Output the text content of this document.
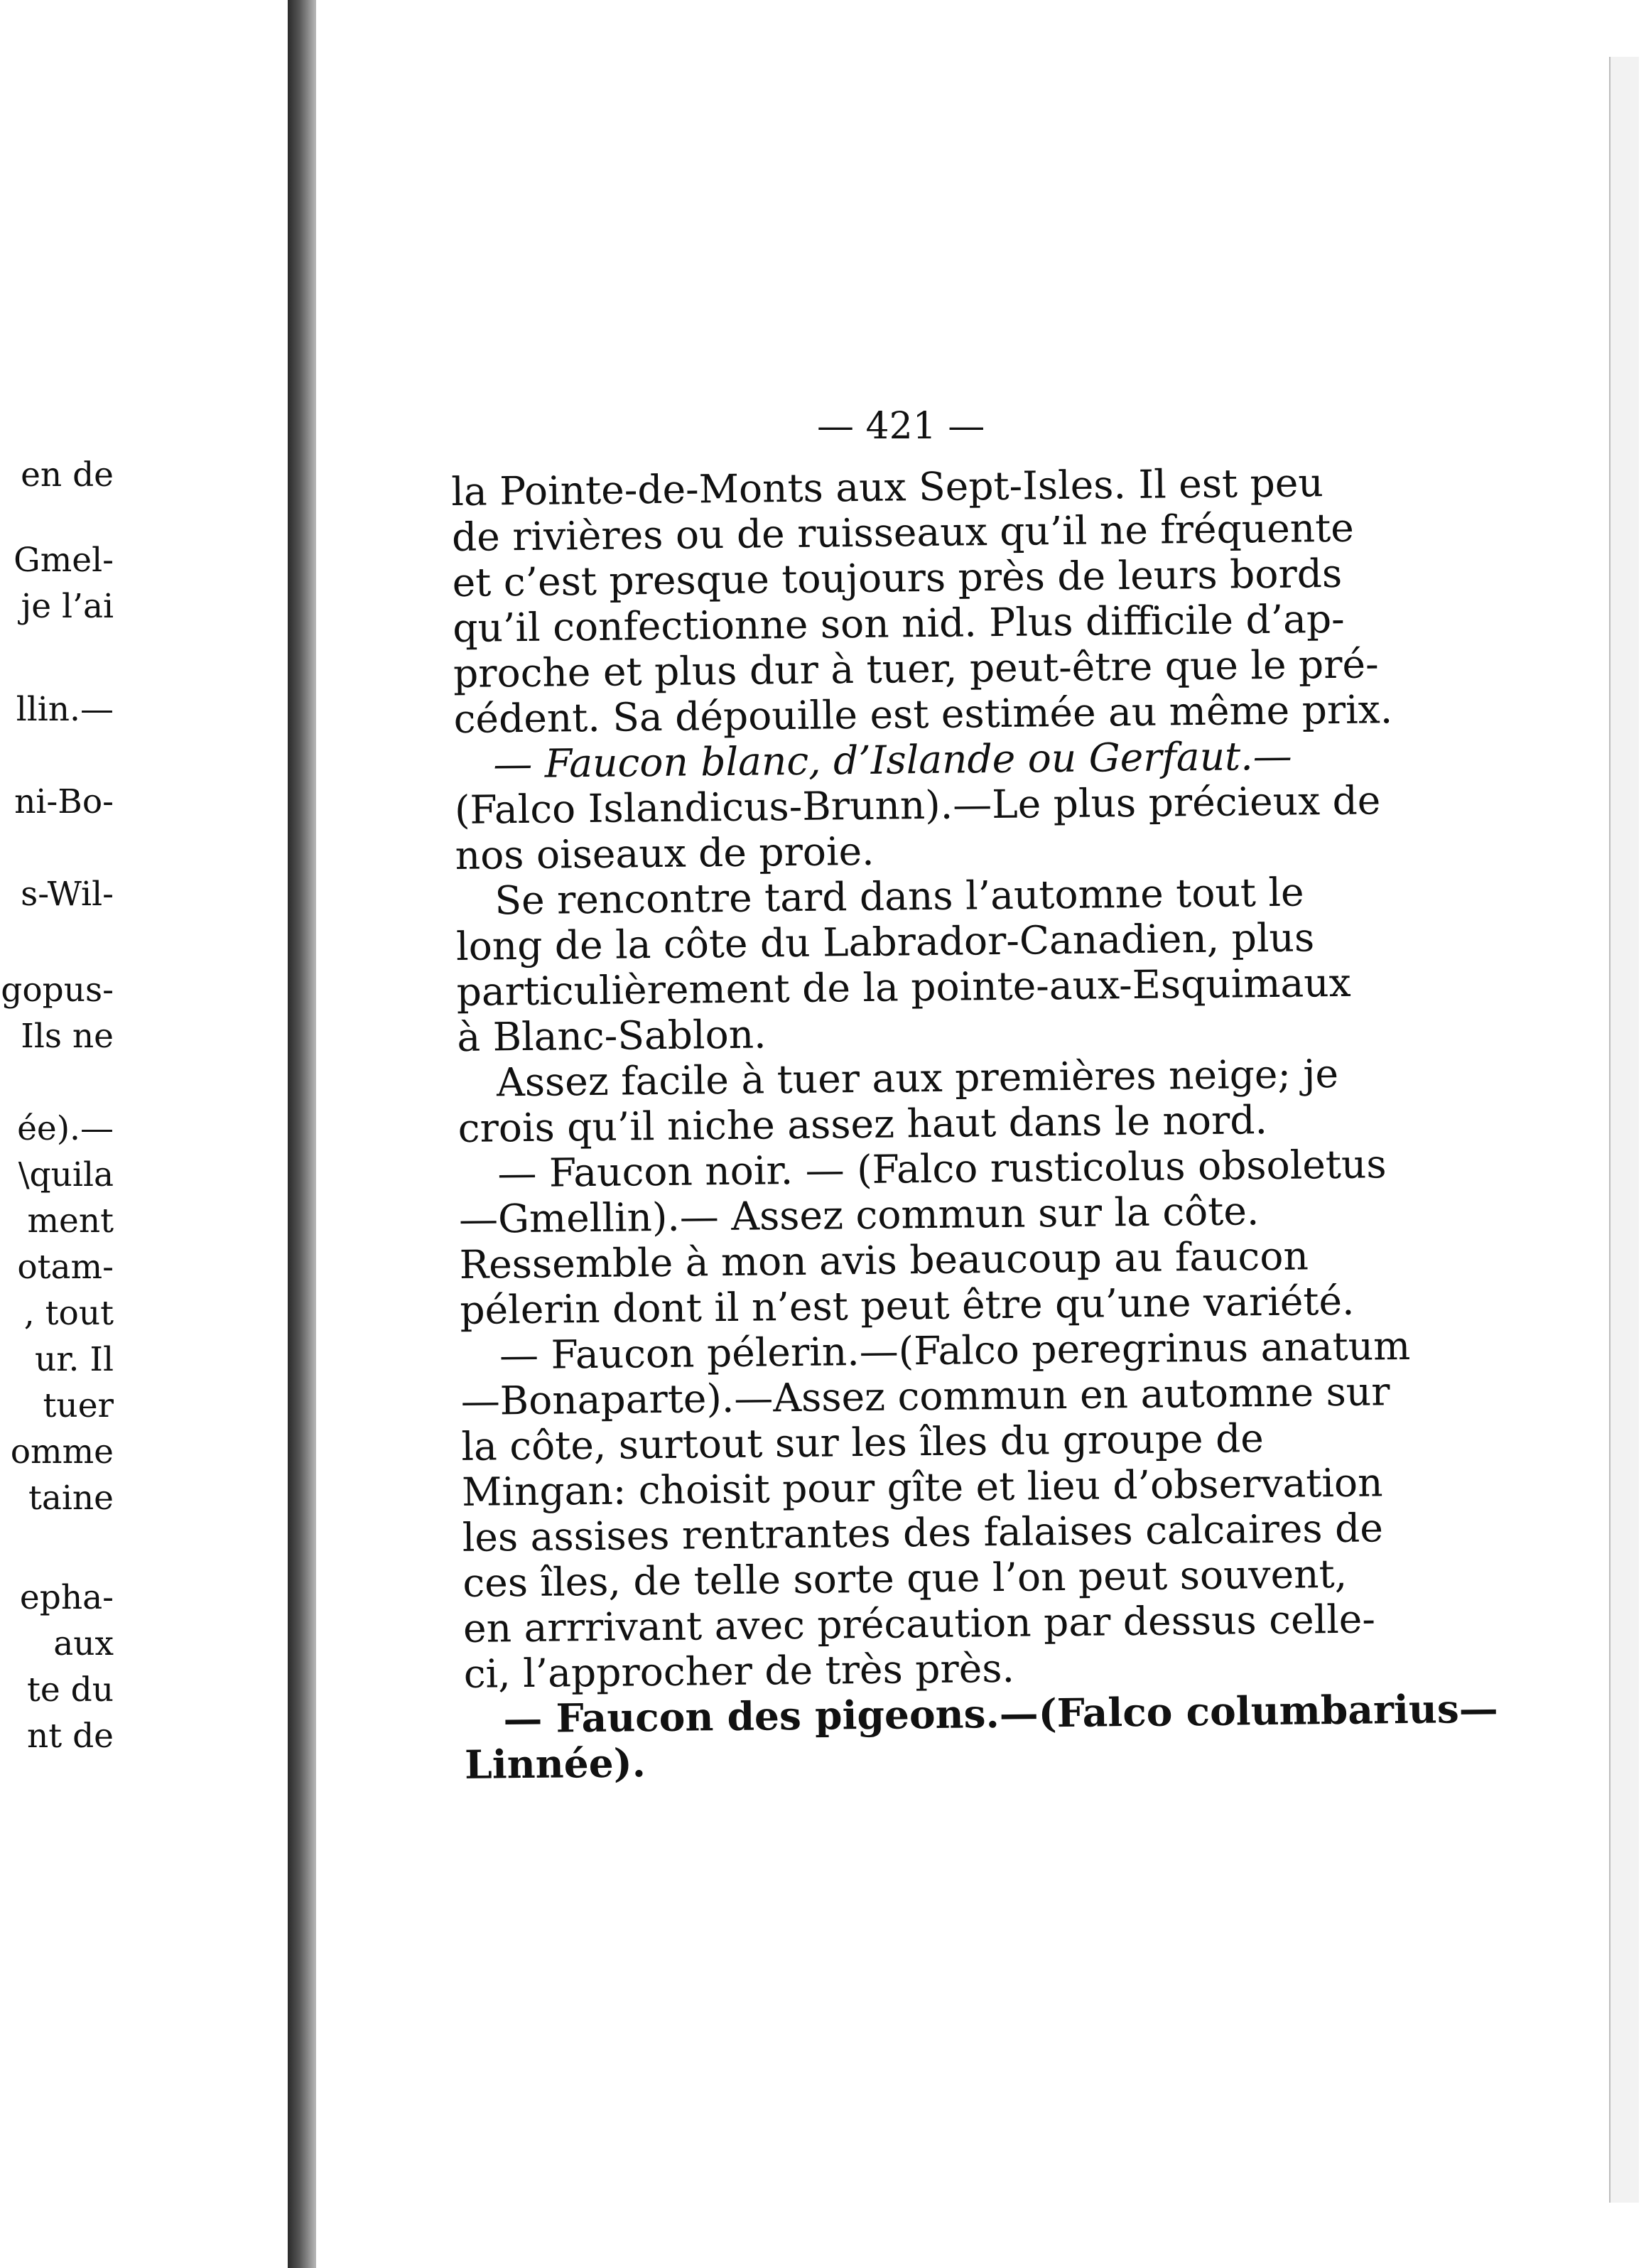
en de
Gmel-
je l’ai
llin.—
ni-Bo-
s-Wil-
gopus-
Ils ne
ée).—
\quila
ment
otam-
, tout
ur. Il
tuer
omme
taine
epha-
aux
te du
nt de
— 421 —
la Pointe-de-Monts aux Sept-Isles. Il est peu
de rivières ou de ruisseaux qu’il ne fréquente
et c’est presque toujours près de leurs bords
qu’il confectionne son nid. Plus difficile d’ap-
proche et plus dur à tuer, peut-être que le pré-
cédent. Sa dépouille est estimée au même prix.
— Faucon blanc, d’Islande ou Gerfaut.—
(Falco Islandicus-Brunn).—Le plus précieux de
nos oiseaux de proie.
Se rencontre tard dans l’automne tout le
long de la côte du Labrador-Canadien, plus
particulièrement de la pointe-aux-Esquimaux
à Blanc-Sablon.
Assez facile à tuer aux premières neige; je
crois qu’il niche assez haut dans le nord.
— Faucon noir. — (Falco rusticolus obsoletus
—Gmellin).— Assez commun sur la côte.
Ressemble à mon avis beaucoup au faucon
pélerin dont il n’est peut être qu’une variété.
— Faucon pélerin.—(Falco peregrinus anatum
—Bonaparte).—Assez commun en automne sur
la côte, surtout sur les îles du groupe de
Mingan: choisit pour gîte et lieu d’observation
les assises rentrantes des falaises calcaires de
ces îles, de telle sorte que l’on peut souvent,
en arrrivant avec précaution par dessus celle-
ci, l’approcher de très près.
— Faucon des pigeons.—(Falco columbarius—
Linnée).
